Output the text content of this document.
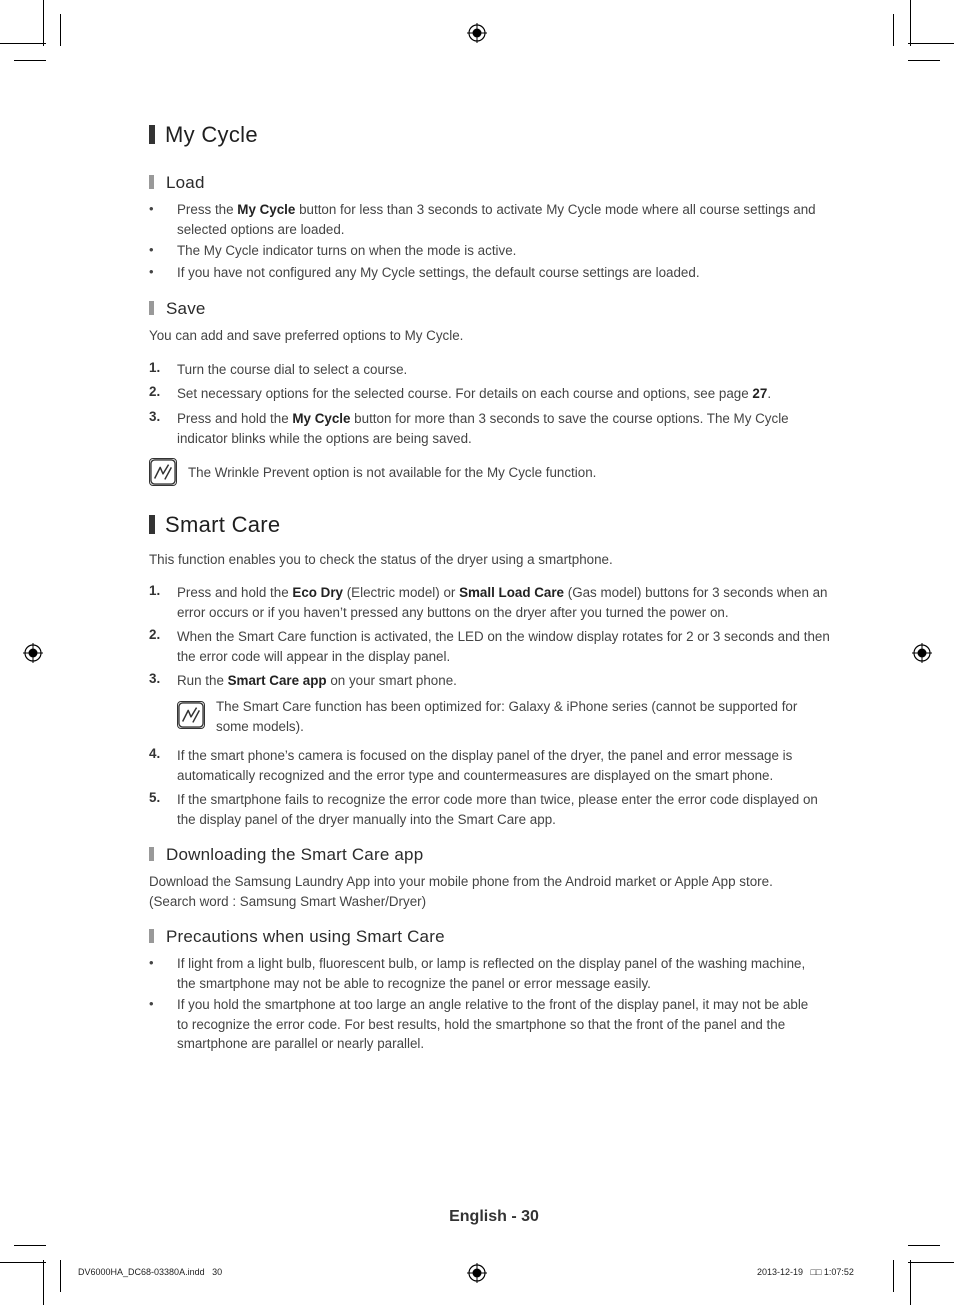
My Cycle
Load
• Press the My Cycle button for less than 3 seconds to activate My Cycle mode where all course settings and
selected options are loaded.
• The My Cycle indicator turns on when the mode is active.
• If you have not configured any My Cycle settings, the default course settings are loaded.
Save
You can add and save preferred options to My Cycle.
1. Turn the course dial to select a course.
2. Set necessary options for the selected course. For details on each course and options, see page 27.
3. Press and hold the My Cycle button for more than 3 seconds to save the course options. The My Cycle
indicator blinks while the options are being saved.
The Wrinkle Prevent option is not available for the My Cycle function.
Smart Care
This function enables you to check the status of the dryer using a smartphone.
1. Press and hold the Eco Dry (Electric model) or Small Load Care (Gas model) buttons for 3 seconds when an
error occurs or if you haven’t pressed any buttons on the dryer after you turned the power on.
2. When the Smart Care function is activated, the LED on the window display rotates for 2 or 3 seconds and then
the error code will appear in the display panel.
3. Run the Smart Care app on your smart phone.
The Smart Care function has been optimized for: Galaxy & iPhone series (cannot be supported for
some models).
4. If the smart phone’s camera is focused on the display panel of the dryer, the panel and error message is
automatically recognized and the error type and countermeasures are displayed on the smart phone.
5. If the smartphone fails to recognize the error code more than twice, please enter the error code displayed on
the display panel of the dryer manually into the Smart Care app.
Downloading the Smart Care app
Download the Samsung Laundry App into your mobile phone from the Android market or Apple App store.
(Search word : Samsung Smart Washer/Dryer)
Precautions when using Smart Care
• If light from a light bulb, fluorescent bulb, or lamp is reflected on the display panel of the washing machine,
the smartphone may not be able to recognize the panel or error message easily.
• If you hold the smartphone at too large an angle relative to the front of the display panel, it may not be able
to recognize the error code. For best results, hold the smartphone so that the front of the panel and the
smartphone are parallel or nearly parallel.
English - 30
DV6000HA_DC68-03380A.indd   30	2013-12-19   □□ 1:07:52
